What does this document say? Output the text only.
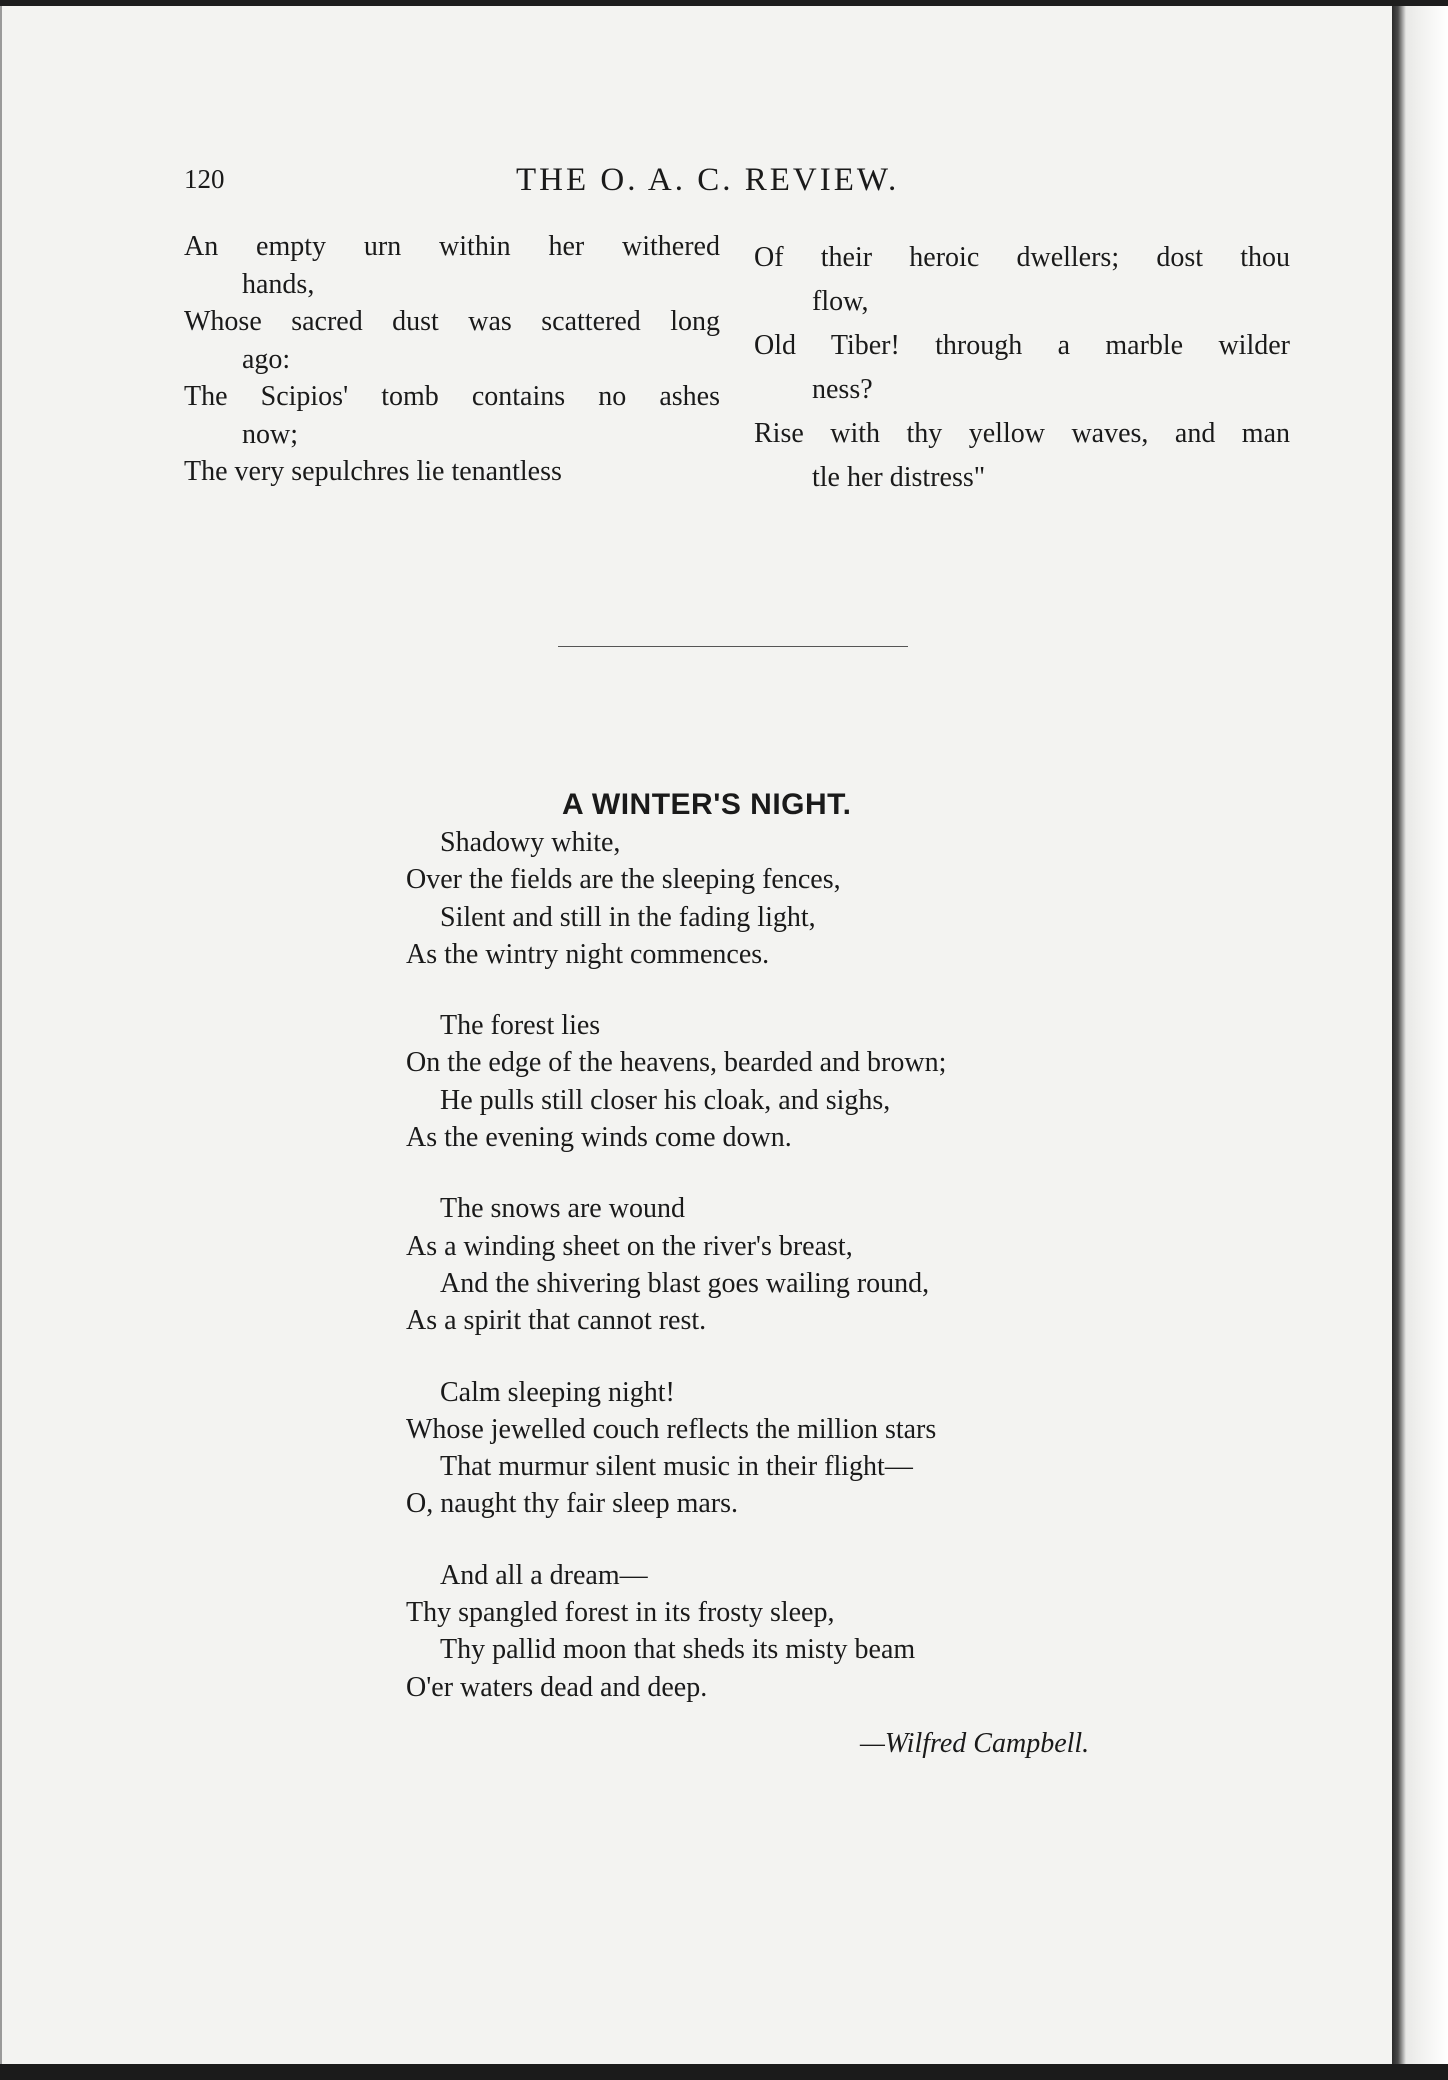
120	THE O. A. C. REVIEW.
An empty urn within her withered
hands,
Whose sacred dust was scattered long
ago:
The Scipios' tomb contains no ashes
now;
The very sepulchres lie tenantless
Of their heroic dwellers; dost thou
flow,
Old Tiber! through a marble wilder
ness?
Rise with thy yellow waves, and man
tle her distress"
A WINTER'S NIGHT.
Shadowy white,
Over the fields are the sleeping fences,
Silent and still in the fading light,
As the wintry night commences.
The forest lies
On the edge of the heavens, bearded and brown;
He pulls still closer his cloak, and sighs,
As the evening winds come down.
The snows are wound
As a winding sheet on the river's breast,
And the shivering blast goes wailing round,
As a spirit that cannot rest.
Calm sleeping night!
Whose jewelled couch reflects the million stars
That murmur silent music in their flight—
O, naught thy fair sleep mars.
And all a dream—
Thy spangled forest in its frosty sleep,
Thy pallid moon that sheds its misty beam
O'er waters dead and deep.
—Wilfred Campbell.
